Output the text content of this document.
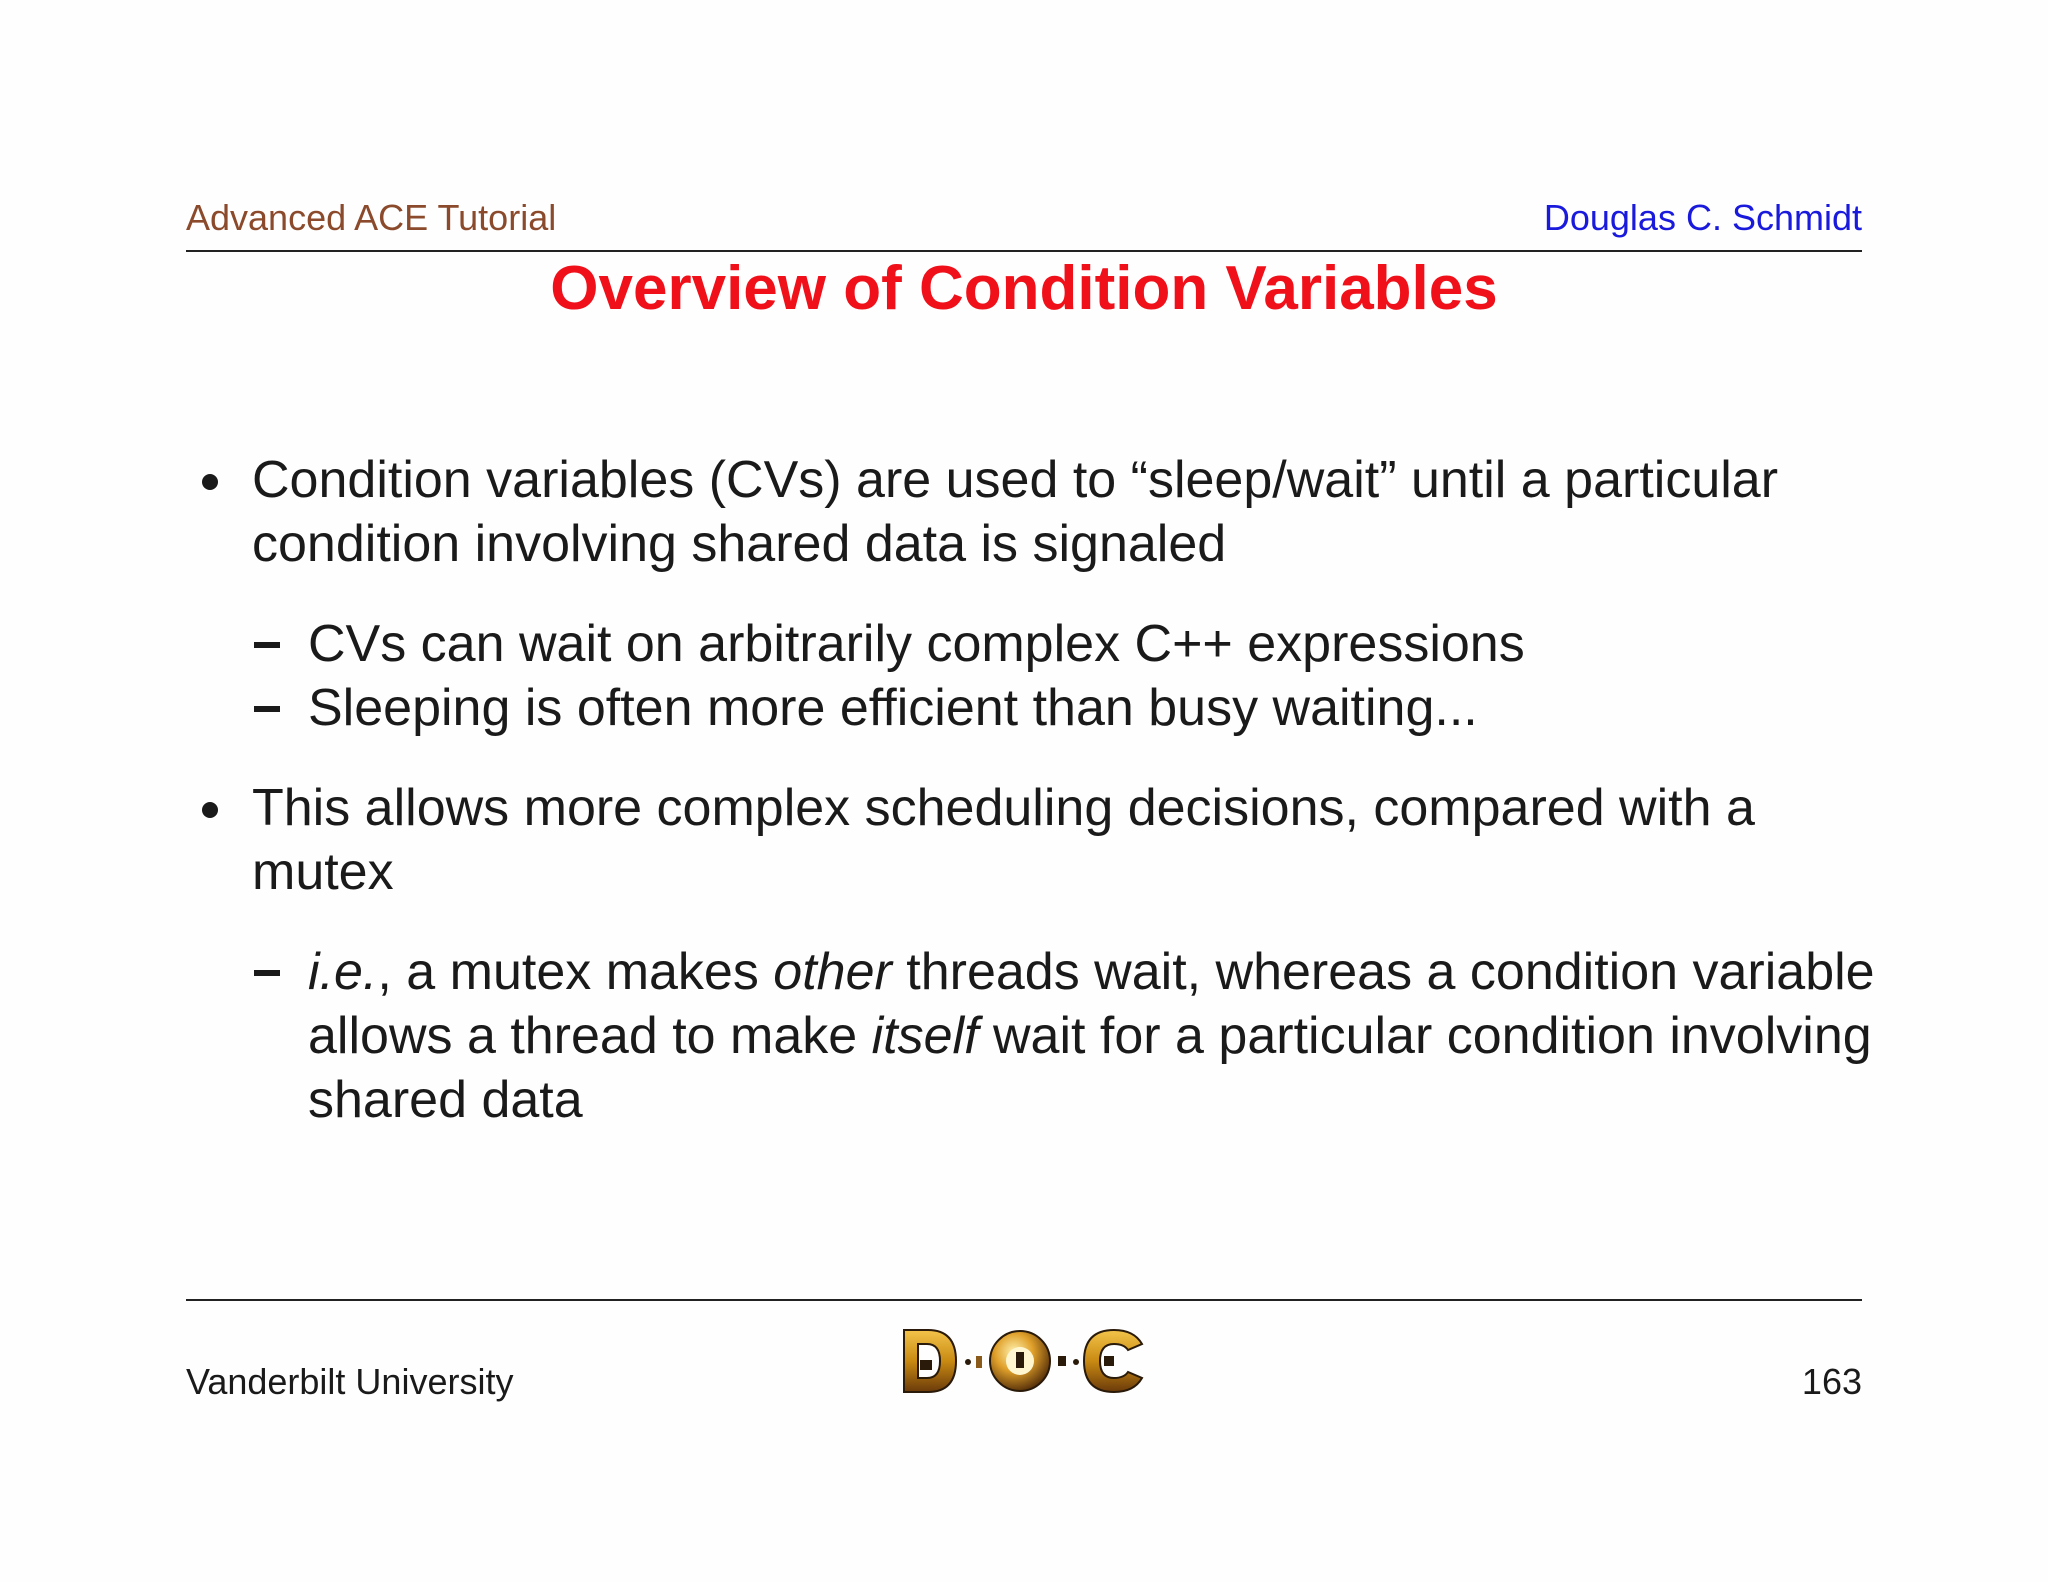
Advanced ACE Tutorial	Douglas C. Schmidt
Overview of Condition Variables
Condition variables (CVs) are used to “sleep/wait” until a particular condition involving shared data is signaled
CVs can wait on arbitrarily complex C++ expressions
Sleeping is often more efficient than busy waiting...
This allows more complex scheduling decisions, compared with a mutex
i.e., a mutex makes other threads wait, whereas a condition variable allows a thread to make itself wait for a particular condition involving shared data
Vanderbilt University	163
